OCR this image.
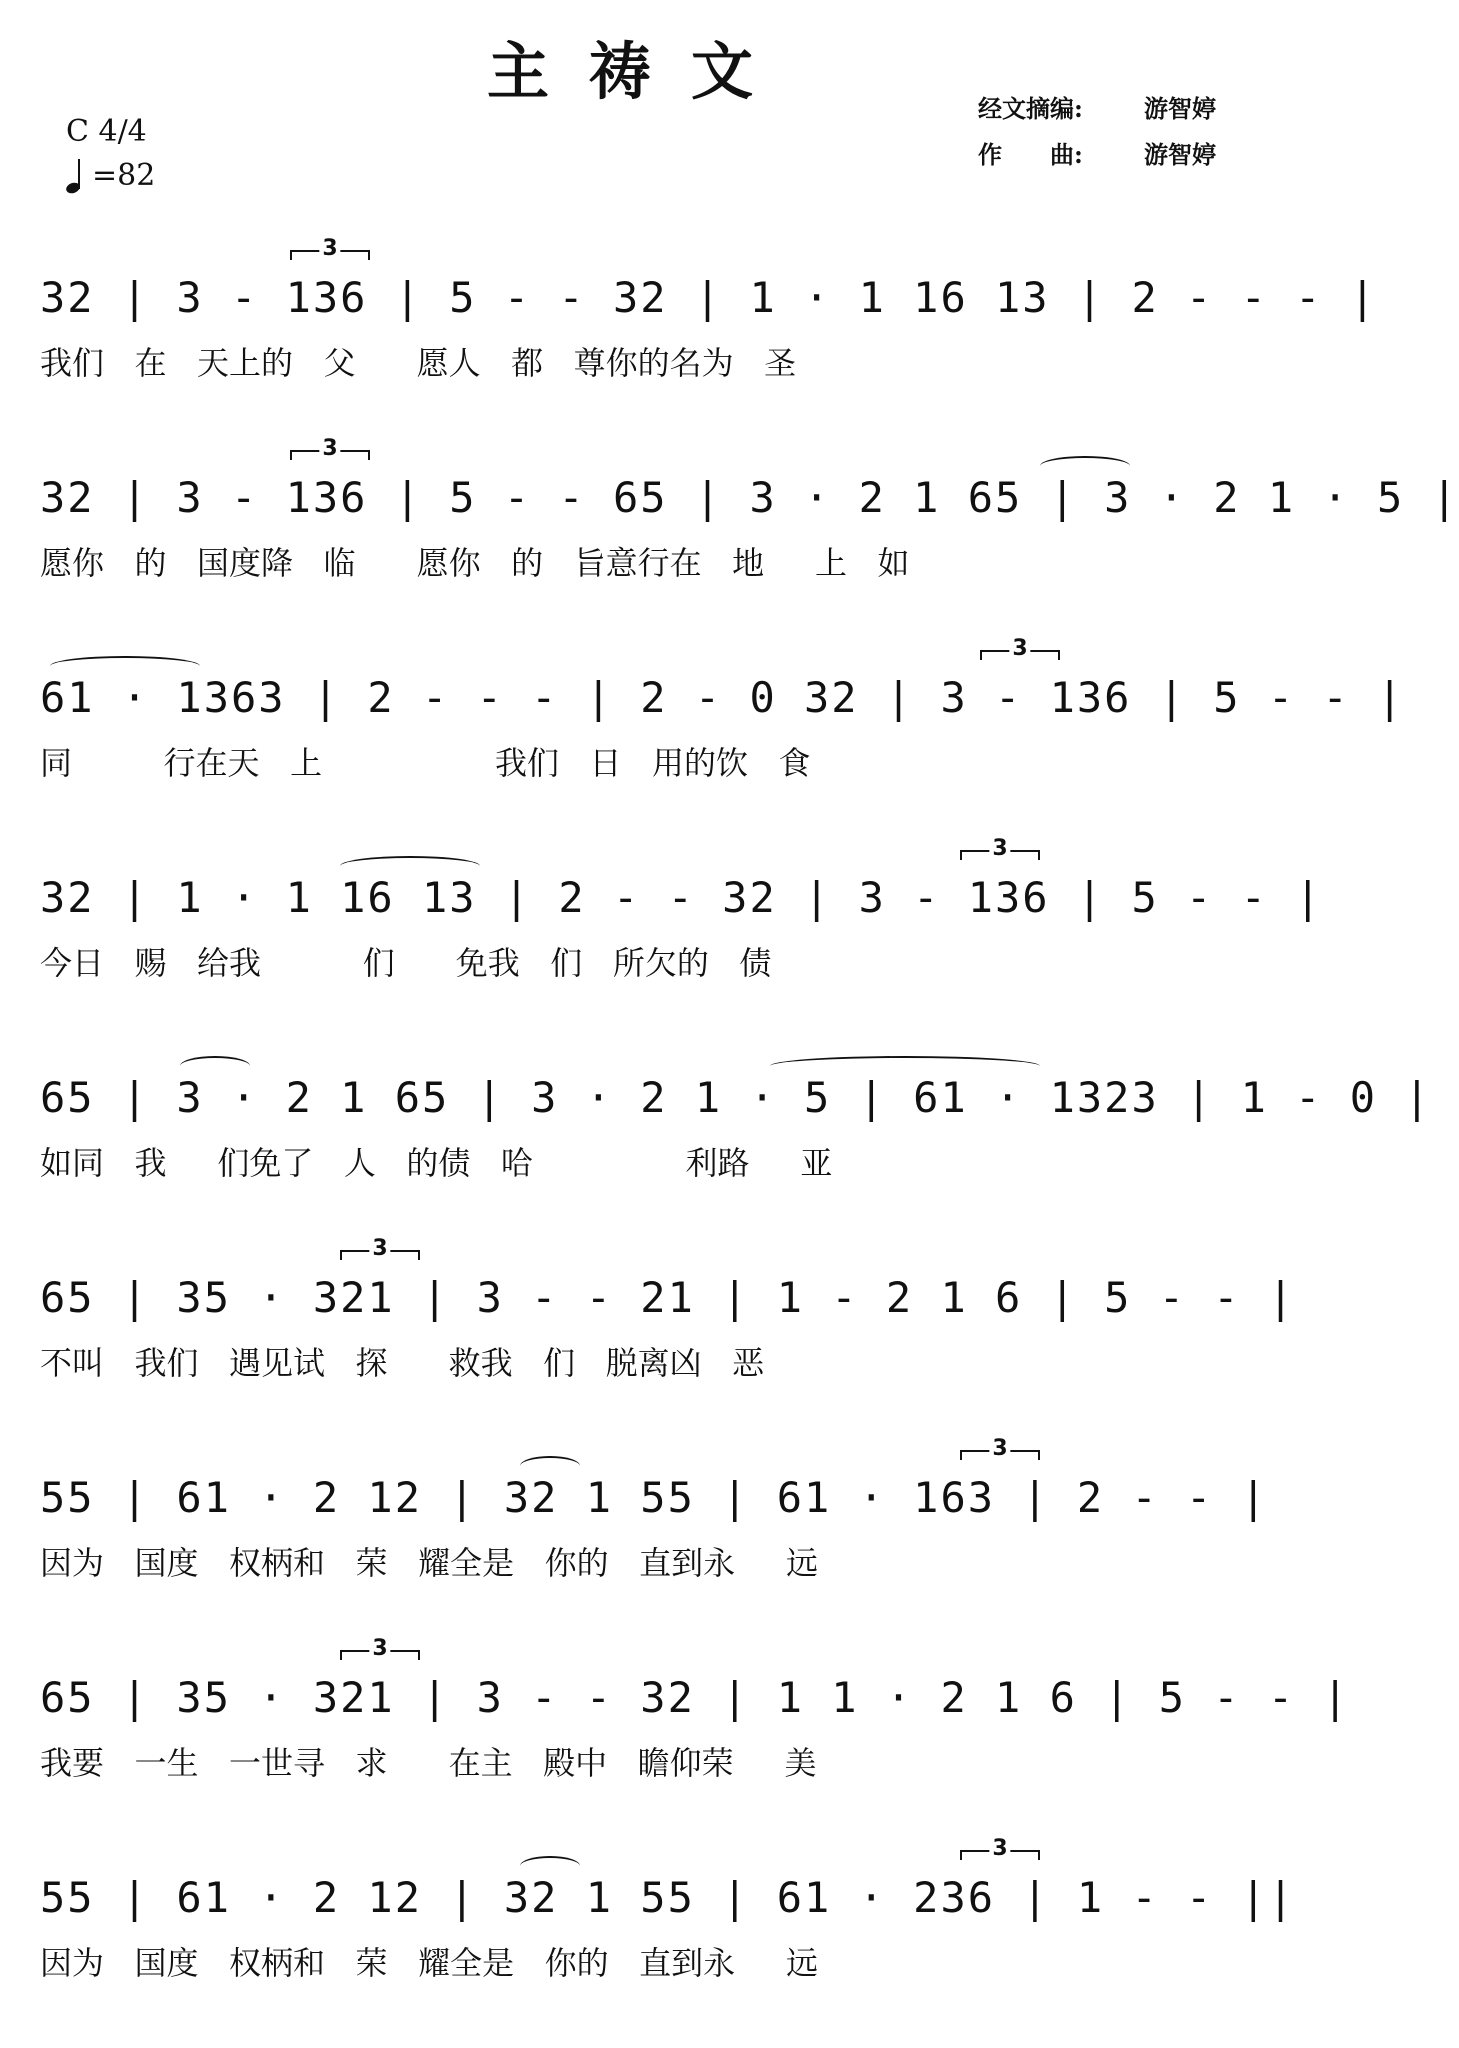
主祷文
C 4/4
=82
经文摘编:	游智婷
作　　曲:	游智婷
3
32 | 3 - 136 | 5 - - 32 | 1 · 1 16 13 | 2 - - - |
我们   在   天上的   父      愿人   都   尊你的名为   圣
3
32 | 3 - 136 | 5 - - 65 | 3 · 2 1 65 | 3 · 2 1 · 5 |
愿你   的   国度降   临      愿你   的   旨意行在   地     上   如
3
61 · 1363 | 2 - - - | 2 - 0 32 | 3 - 136 | 5 - - |
同         行在天   上                 我们   日   用的饮   食
3
32 | 1 · 1 16 13 | 2 - - 32 | 3 - 136 | 5 - - |
今日   赐   给我          们      免我   们   所欠的   债
65 | 3 · 2 1 65 | 3 · 2 1 · 5 | 61 · 1323 | 1 - 0 |
如同   我     们免了   人   的债   哈               利路     亚
3
65 | 35 · 321 | 3 - - 21 | 1 - 2 1 6 | 5 - - |
不叫   我们   遇见试   探      救我   们   脱离凶   恶
3
55 | 61 · 2 12 | 32 1 55 | 61 · 163 | 2 - - |
因为   国度   权柄和   荣   耀全是   你的   直到永     远
3
65 | 35 · 321 | 3 - - 32 | 1 1 · 2 1 6 | 5 - - |
我要   一生   一世寻   求      在主   殿中   瞻仰荣     美
3
55 | 61 · 2 12 | 32 1 55 | 61 · 236 | 1 - - ||
因为   国度   权柄和   荣   耀全是   你的   直到永     远
